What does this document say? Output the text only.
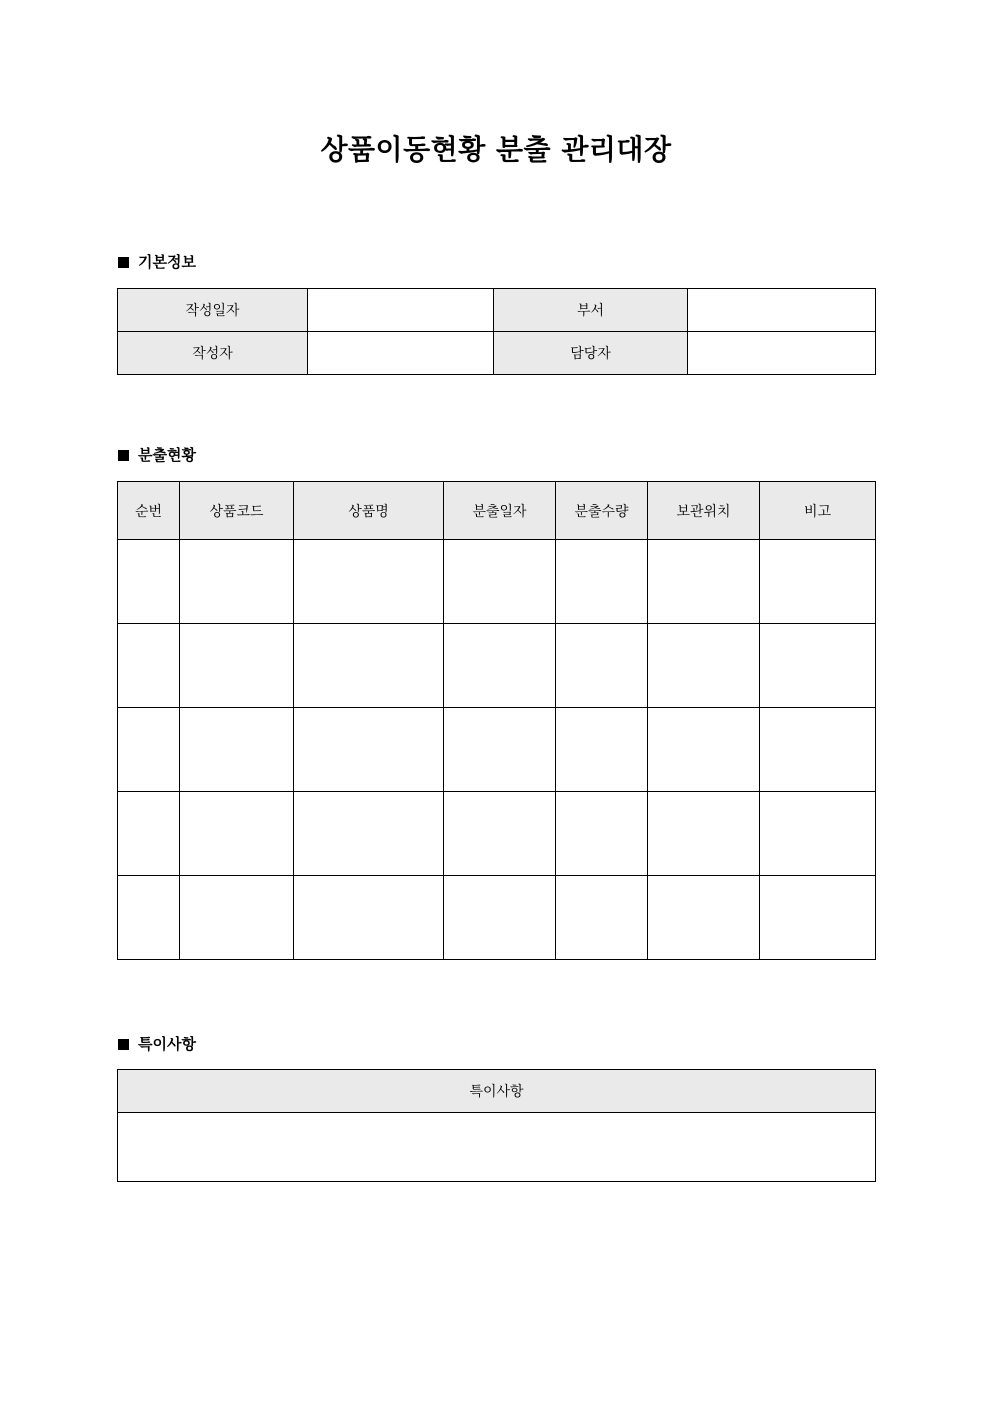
상품이동현황 분출 관리대장
기본정보
작성일자		부서	
작성자		담당자	
분출현황
순번	상품코드	상품명	분출일자	분출수량	보관위치	비고

특이사항
특이사항
